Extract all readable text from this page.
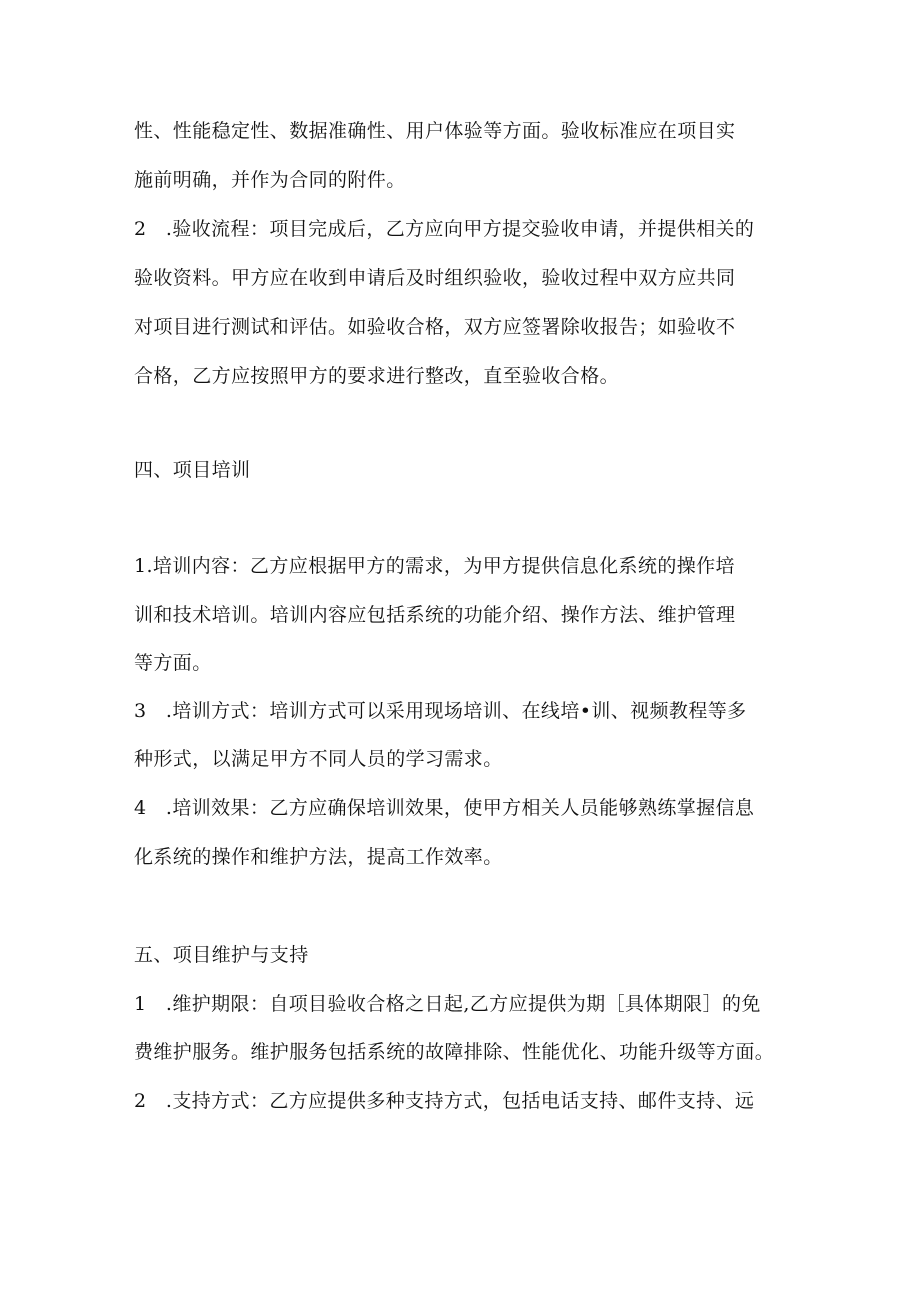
性、性能稳定性、数据准确性、用户体验等方面。验收标准应在项目实
施前明确，并作为合同的附件。
2　.验收流程：项目完成后，乙方应向甲方提交验收申请，并提供相关的
验收资料。甲方应在收到申请后及时组织验收，验收过程中双方应共同
对项目进行测试和评估。如验收合格，双方应签署除收报告；如验收不
合格，乙方应按照甲方的要求进行整改，直至验收合格。
四、项目培训
1.培训内容：乙方应根据甲方的需求，为甲方提供信息化系统的操作培
训和技术培训。培训内容应包括系统的功能介绍、操作方法、维护管理
等方面。
3　.培训方式：培训方式可以采用现场培训、在线培•训、视频教程等多
种形式，以满足甲方不同人员的学习需求。
4　.培训效果：乙方应确保培训效果，使甲方相关人员能够熟练掌握信息
化系统的操作和维护方法，提高工作效率。
五、项目维护与支持
1　.维护期限：自项目验收合格之日起,乙方应提供为期［具体期限］的免
费维护服务。维护服务包括系统的故障排除、性能优化、功能升级等方面。
2　.支持方式：乙方应提供多种支持方式，包括电话支持、邮件支持、远
